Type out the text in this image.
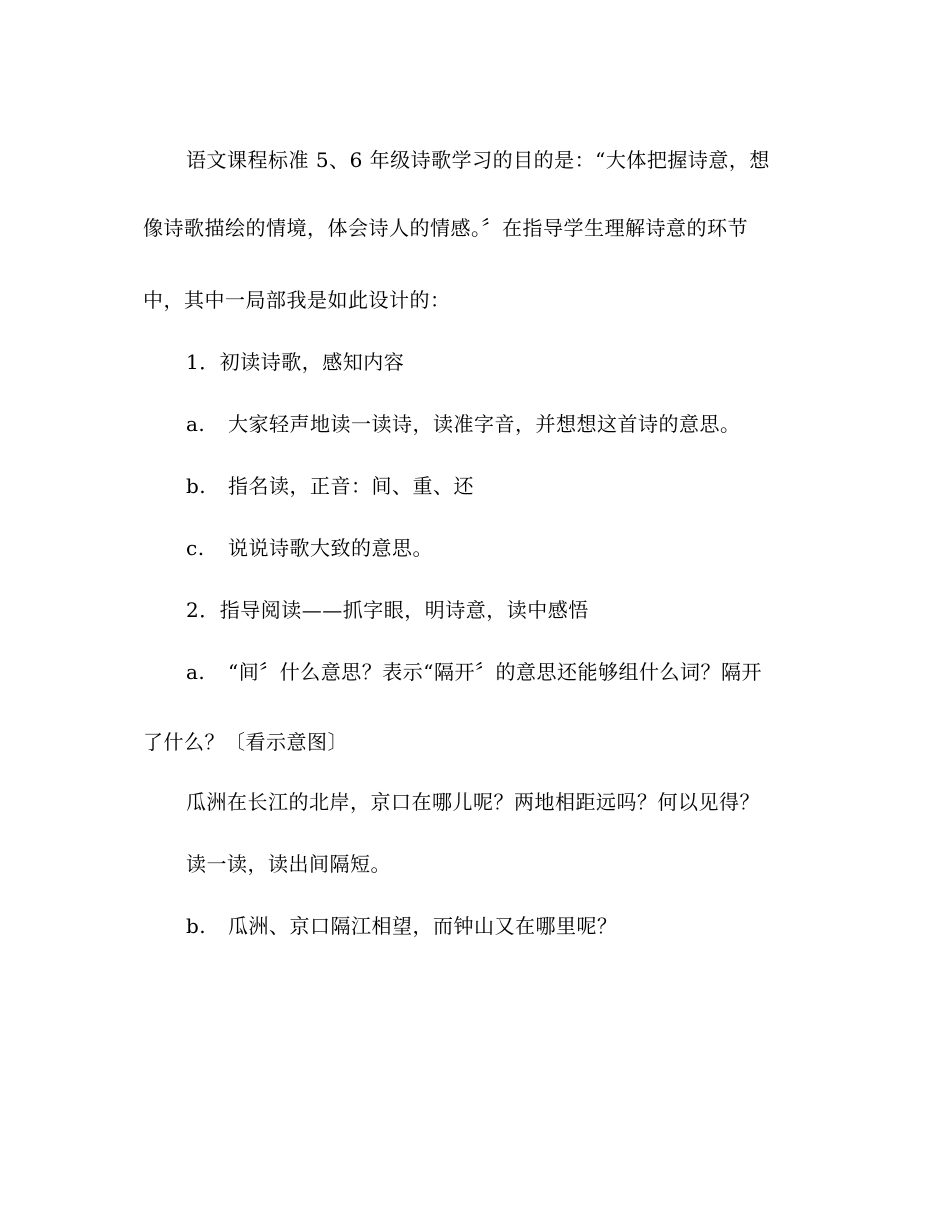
语文课程标准 5、6 年级诗歌学习的目的是：“大体把握诗意，想
像诗歌描绘的情境，体会诗人的情感。〞在指导学生理解诗意的环节
中，其中一局部我是如此设计的：
1．初读诗歌，感知内容
a. 大家轻声地读一读诗，读准字音，并想想这首诗的意思。
b. 指名读，正音：间、重、还
c. 说说诗歌大致的意思。
2．指导阅读——抓字眼，明诗意，读中感悟
a. “间〞什么意思？表示“隔开〞的意思还能够组什么词？隔开
了什么？〔看示意图〕
瓜洲在长江的北岸，京口在哪儿呢？两地相距远吗？何以见得？
读一读，读出间隔短。
b. 瓜洲、京口隔江相望，而钟山又在哪里呢？
